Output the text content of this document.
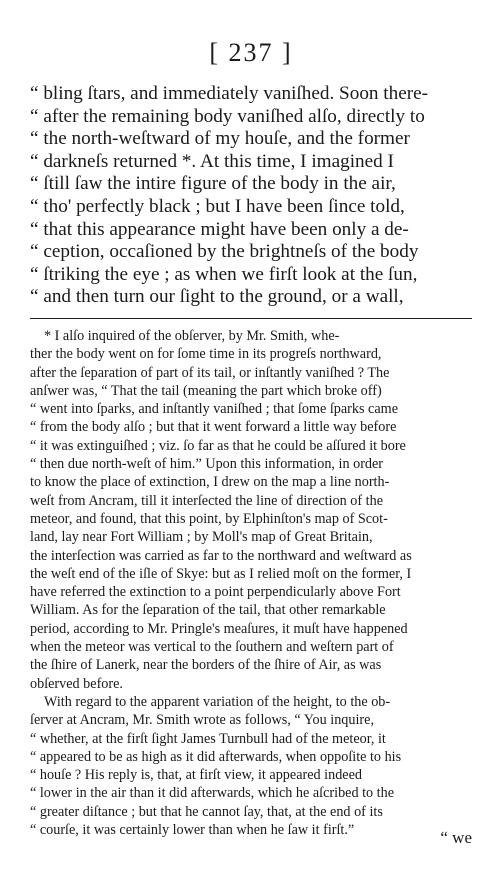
[ 237 ]
“ bling ſtars, and immediately vaniſhed. Soon there-
“ after the remaining body vaniſhed alſo, directly to
“ the north-weſtward of my houſe, and the former
“ darkneſs returned *. At this time, I imagined I
“ ſtill ſaw the intire figure of the body in the air,
“ tho' perfectly black ; but I have been ſince told,
“ that this appearance might have been only a de-
“ ception, occaſioned by the brightneſs of the body
“ ſtriking the eye ; as when we firſt look at the ſun,
“ and then turn our ſight to the ground, or a wall,
* I alſo inquired of the obſerver, by Mr. Smith, whe-
ther the body went on for ſome time in its progreſs northward,
after the ſeparation of part of its tail, or inſtantly vaniſhed ? The
anſwer was, “ That the tail (meaning the part which broke off)
“ went into ſparks, and inſtantly vaniſhed ; that ſome ſparks came
“ from the body alſo ; but that it went forward a little way before
“ it was extinguiſhed ; viz. ſo far as that he could be aſſured it bore
“ then due north-weſt of him.” Upon this information, in order
to know the place of extinction, I drew on the map a line north-
weſt from Ancram, till it interſected the line of direction of the
meteor, and found, that this point, by Elphinſton's map of Scot-
land, lay near Fort William ; by Moll's map of Great Britain,
the interſection was carried as far to the northward and weſtward as
the weſt end of the iſle of Skye: but as I relied moſt on the former, I
have referred the extinction to a point perpendicularly above Fort
William. As for the ſeparation of the tail, that other remarkable
period, according to Mr. Pringle's meaſures, it muſt have happened
when the meteor was vertical to the ſouthern and weſtern part of
the ſhire of Lanerk, near the borders of the ſhire of Air, as was
obſerved before.
With regard to the apparent variation of the height, to the ob-
ſerver at Ancram, Mr. Smith wrote as follows, “ You inquire,
“ whether, at the firſt ſight James Turnbull had of the meteor, it
“ appeared to be as high as it did afterwards, when oppoſite to his
“ houſe ? His reply is, that, at firſt view, it appeared indeed
“ lower in the air than it did afterwards, which he aſcribed to the
“ greater diſtance ; but that he cannot ſay, that, at the end of its
“ courſe, it was certainly lower than when he ſaw it firſt.”	“ we
